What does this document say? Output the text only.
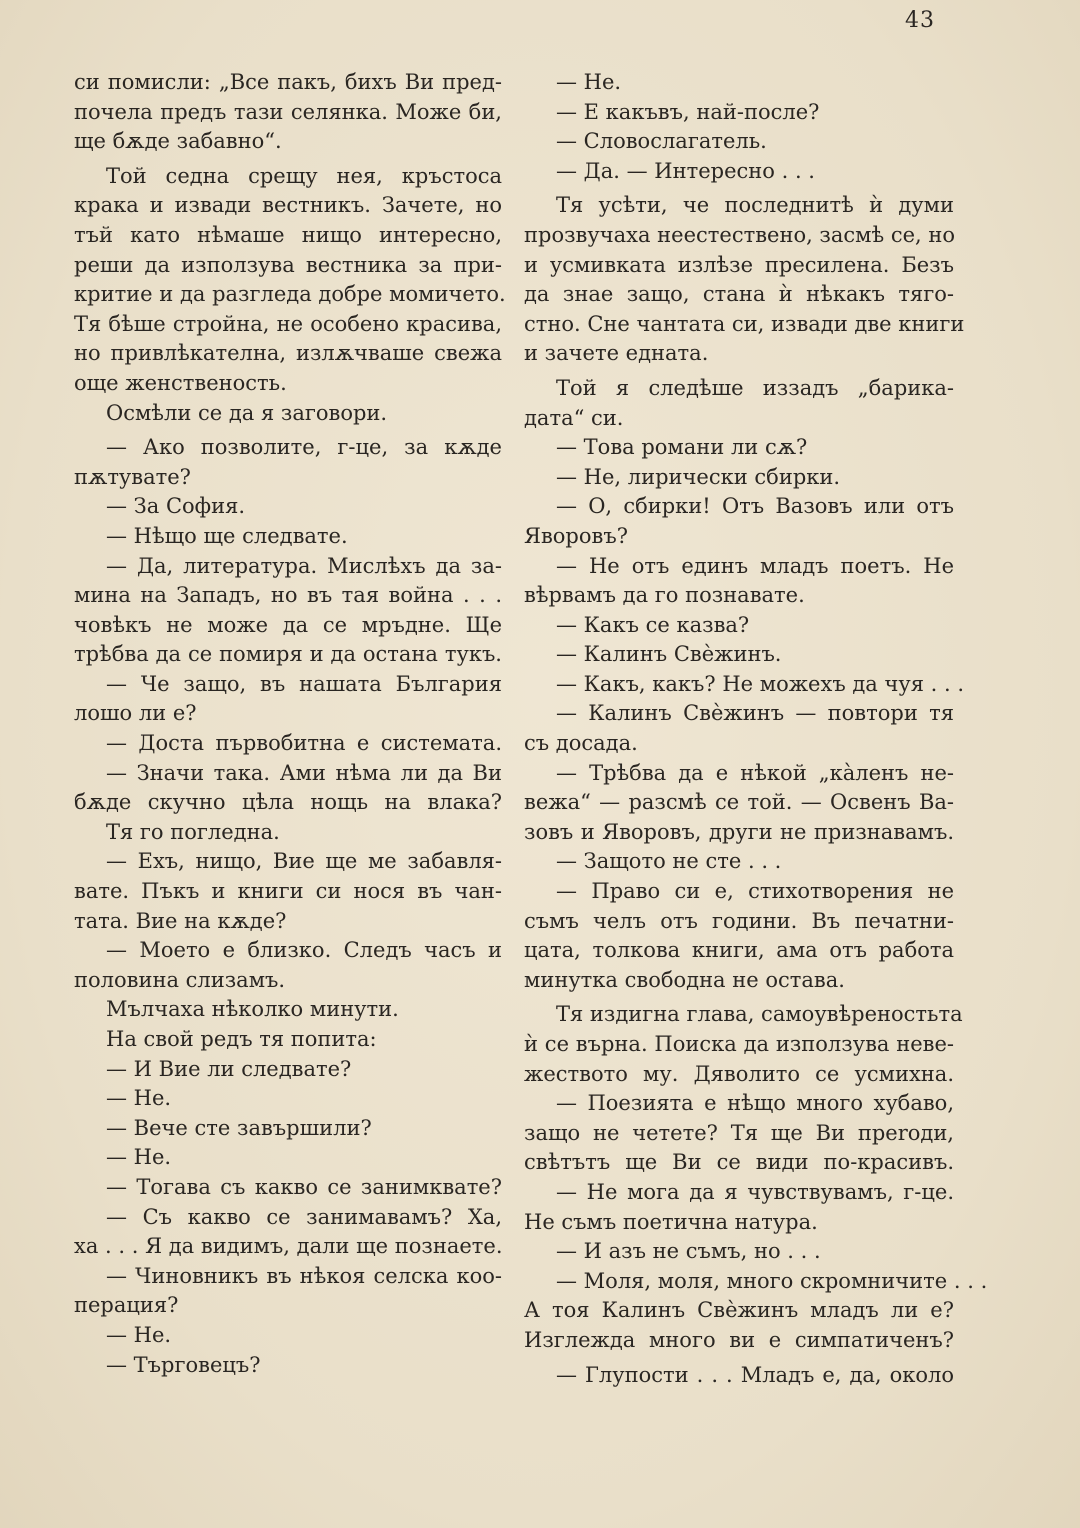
43
си помисли: „Все пакъ, бихъ Ви пред-
почела предъ тази селянка. Може би,
ще бѫде забавно“.
Той седна срещу нея, кръстоса
крака и извади вестникъ. Зачете, но
тъй като нѣмаше нищо интересно,
реши да използува вестника за при-
критие и да разгледа добре момичето.
Тя бѣше стройна, не особено красива,
но привлѣкателна, излѫчваше свежа
още женственость.
Осмѣли се да я заговори.
— Ако позволите, г-це, за кѫде
пѫтувате?
— За София.
— Нѣщо ще следвате.
— Да, литература. Мислѣхъ да за-
мина на Западъ, но въ тая война . . .
човѣкъ не може да се мръдне. Ще
трѣбва да се помиря и да остана тукъ.
— Че защо, въ нашата България
лошо ли е?
— Доста първобитна е системата.
— Значи така. Ами нѣма ли да Ви
бѫде скучно цѣла нощь на влака?
Тя го погледна.
— Ехъ, нищо, Вие ще ме забавля-
вате. Пъкъ и книги си нося въ чан-
тата. Вие на кѫде?
— Моето е близко. Следъ часъ и
половина слизамъ.
Мълчаха нѣколко минути.
На свой редъ тя попита:
— И Вие ли следвате?
— Не.
— Вече сте завършили?
— Не.
— Тогава съ какво се занимквате?
— Съ какво се занимавамъ? Ха,
ха . . . Я да видимъ, дали ще познаете.
— Чиновникъ въ нѣкоя селска коо-
перация?
— Не.
— Търговецъ?
— Не.
— Е какъвъ, най-после?
— Словослагатель.
— Да. — Интересно . . .
Тя усѣти, че последнитѣ ѝ думи
прозвучаха неестествено, засмѣ се, но
и усмивката излѣзе пресилена. Безъ
да знае защо, стана ѝ нѣкакъ тяго-
стно. Сне чантата си, извади две книги
и зачете едната.
Той я следѣше иззадъ „барика-
дата“ си.
— Това романи ли сѫ?
— Не, лирически сбирки.
— О, сбирки! Отъ Вазовъ или отъ
Яворовъ?
— Не отъ единъ младъ поетъ. Не
вѣрвамъ да го познавате.
— Какъ се казва?
— Калинъ Свѐжинъ.
— Какъ, какъ? Не можехъ да чуя . . .
— Калинъ Свѐжинъ — повтори тя
съ досада.
— Трѣбва да е нѣкой „кàленъ не-
вежа“ — разсмѣ се той. — Освенъ Ва-
зовъ и Яворовъ, други не признавамъ.
— Защото не сте . . .
— Право си е, стихотворения не
съмъ челъ отъ години. Въ печатни-
цата, толкова книги, ама отъ работа
минутка свободна не остава.
Тя издигна глава, самоувѣреностьта
ѝ се върна. Поиска да използува неве-
жеството му. Дяволито се усмихна.
— Поезията е нѣщо много хубаво,
защо не четете? Тя ще Ви преroди,
свѣтътъ ще Ви се види по-красивъ.
— Не мога да я чувствувамъ, г-це.
Не съмъ поетична натура.
— И азъ не съмъ, но . . .
— Моля, моля, много скромничите . . .
А тоя Калинъ Свѐжинъ младъ ли е?
Изглежда много ви е симпатиченъ?
— Глупости . . . Младъ е, да, около
